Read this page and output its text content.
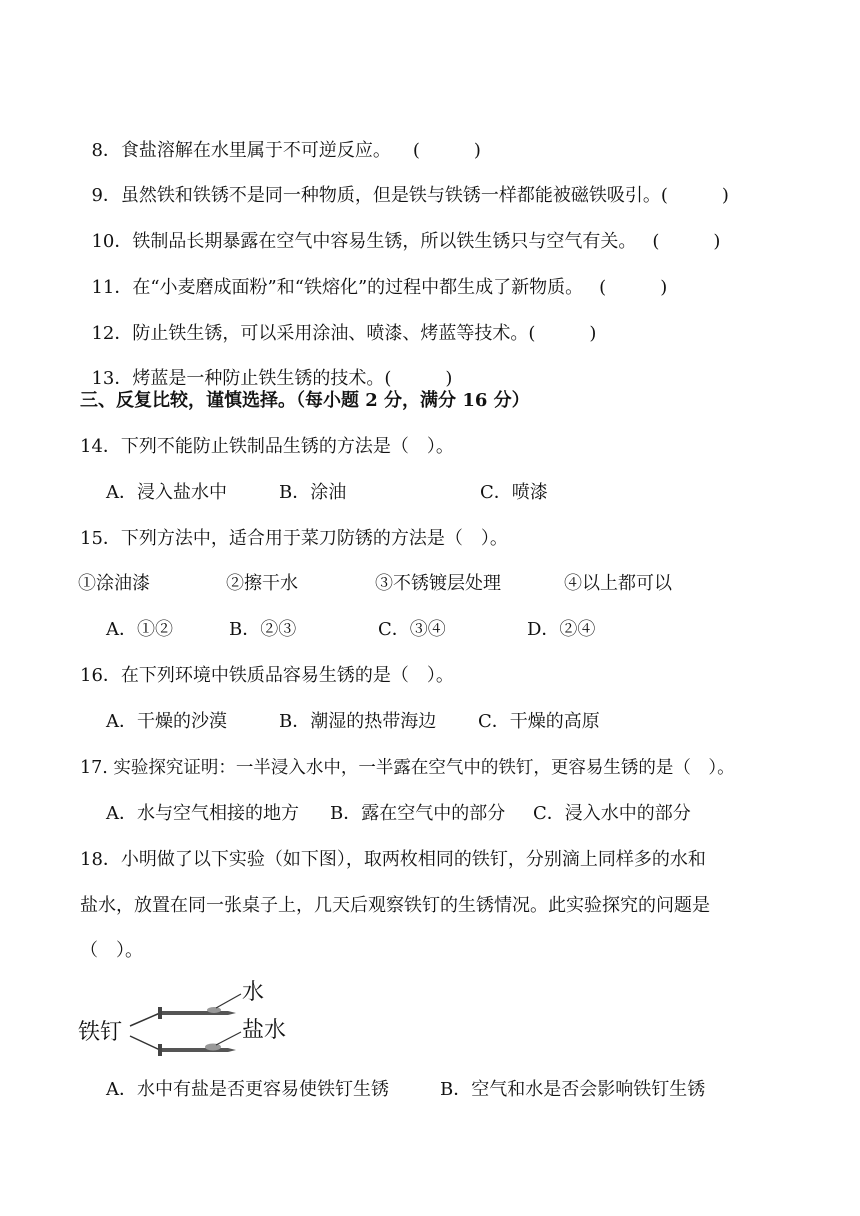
8．食盐溶解在水里属于不可逆反应。 (　　　)

9．虽然铁和铁锈不是同一种物质，但是铁与铁锈一样都能被磁铁吸引。(　　　)

10．铁制品长期暴露在空气中容易生锈，所以铁生锈只与空气有关。 (　　　)

11．在“小麦磨成面粉”和“铁熔化”的过程中都生成了新物质。 (　　　)

12．防止铁生锈，可以采用涂油、喷漆、烤蓝等技术。(　　　)

13．烤蓝是一种防止铁生锈的技术。(　　　)

三、反复比较，谨慎选择。（每小题 2 分，满分 16 分）
14．下列不能防止铁制品生锈的方法是（　）。
A．浸入盐水中	B．涂油	C．喷漆
15．下列方法中，适合用于菜刀防锈的方法是（　）。
①涂油漆	②擦干水	③不锈镀层处理	④以上都可以
A．①②	B．②③	C．③④	D．②④
16．在下列环境中铁质品容易生锈的是（　）。
A．干燥的沙漠	B．潮湿的热带海边 C．干燥的高原
17. 实验探究证明：一半浸入水中，一半露在空气中的铁钉，更容易生锈的是（　）。
A．水与空气相接的地方 B．露在空气中的部分 C．浸入水中的部分
18．小明做了以下实验（如下图），取两枚相同的铁钉，分别滴上同样多的水和
盐水，放置在同一张桌子上，几天后观察铁钉的生锈情况。此实验探究的问题是
（　）。
铁钉
水
盐水
A．水中有盐是否更容易使铁钉生锈	B．空气和水是否会影响铁钉生锈
